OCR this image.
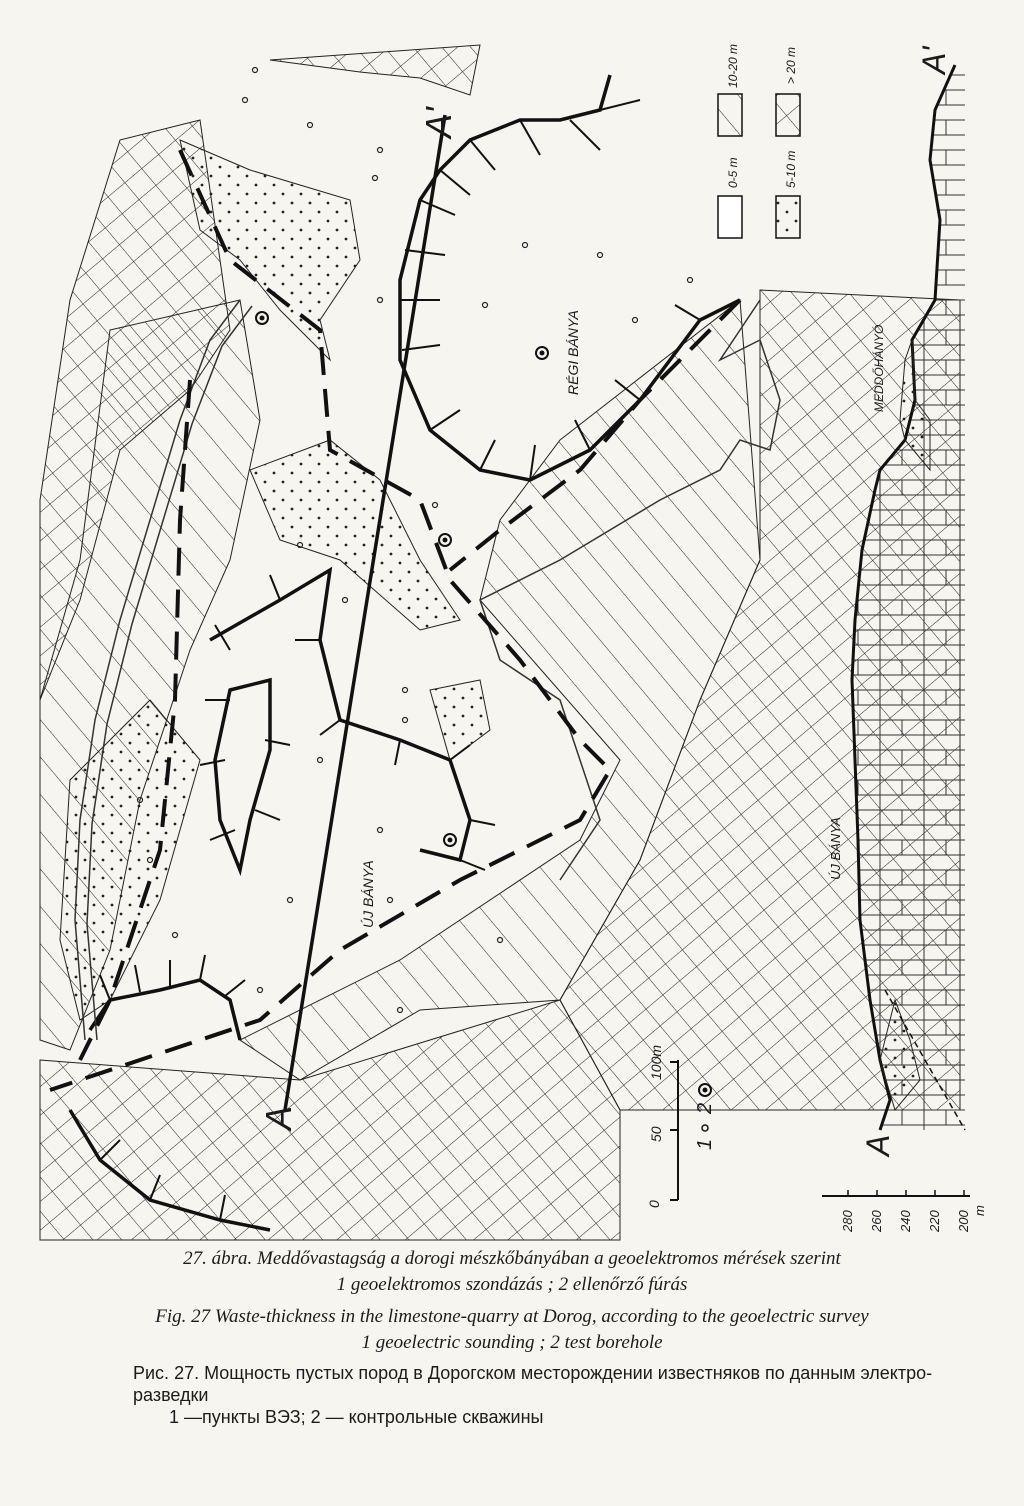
A'
A
RÉGI BÁNYA
ÚJ BÁNYA
0
50
100m
1
2
0-5 m
10-20 m
5-10 m
> 20 m	A'
A
MEDDŐHÁNYÓ
ÚJ BÁNYA
280 260 240 220 200 m
27. ábra. Meddővastagság a dorogi mészkőbányában a geoelektromos mérések szerint
1 geoelektromos szondázás ; 2 ellenőrző fúrás
Fig. 27 Waste-thickness in the limestone-quarry at Dorog, according to the geoelectric survey
1 geoelectric sounding ; 2 test borehole
Рис. 27. Мощность пустых пород в Дорогском месторождении известняков по данным электро-разведки
1 —пункты ВЭЗ; 2 — контрольные скважины
